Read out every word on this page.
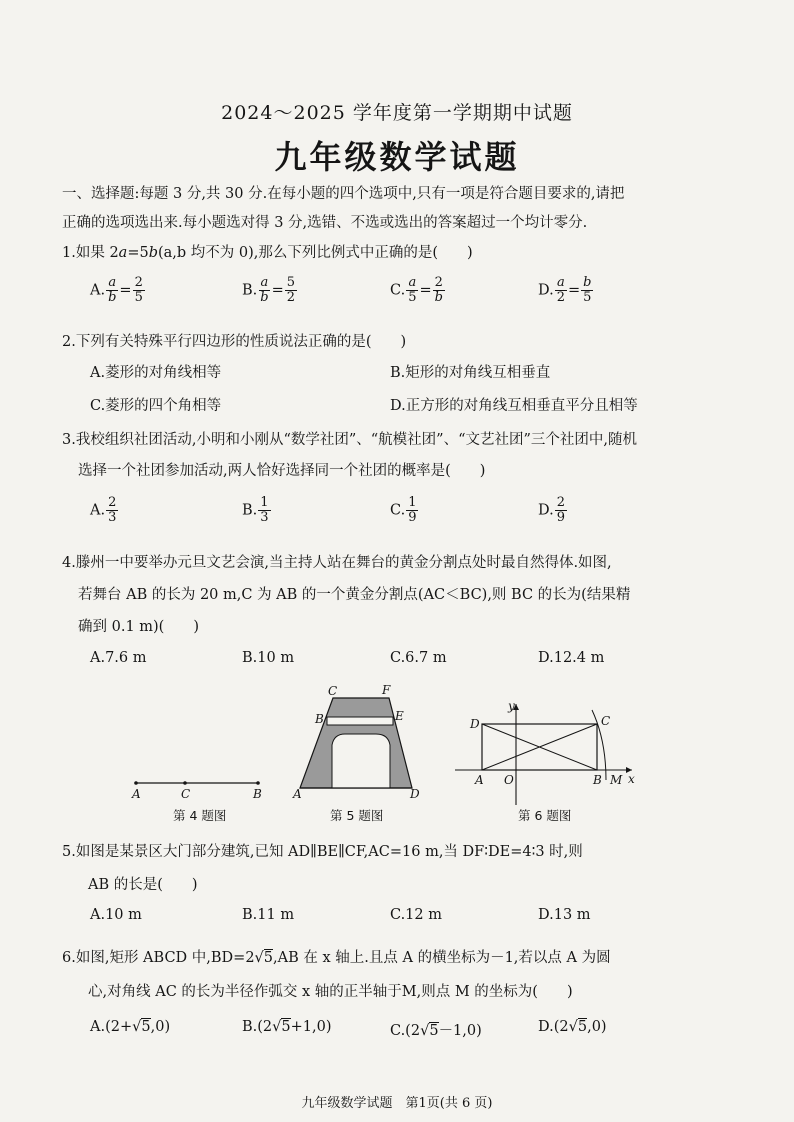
2024～2025 学年度第一学期期中试题
九年级数学试题
一、选择题:每题 3 分,共 30 分.在每小题的四个选项中,只有一项是符合题目要求的,请把
正确的选项选出来.每小题选对得 3 分,选错、不选或选出的答案超过一个均计零分.
1.如果 2a=5b(a,b 均不为 0),那么下列比例式中正确的是(　　)
A. $\frac{a}{b} = \frac{2}{5}$	B. $\frac{a}{b} = \frac{5}{2}$	C. $\frac{a}{5} = \frac{2}{b}$	D. $\frac{a}{2} = \frac{b}{5}$
2.下列有关特殊平行四边形的性质说法正确的是(　　)
A.菱形的对角线相等	B.矩形的对角线互相垂直
C.菱形的四个角相等	D.正方形的对角线互相垂直平分且相等
3.我校组织社团活动,小明和小刚从“数学社团”、“航模社团”、“文艺社团”三个社团中,随机
选择一个社团参加活动,两人恰好选择同一个社团的概率是(　　)
A. $\frac{2}{3}$	B. $\frac{1}{3}$	C. $\frac{1}{9}$	D. $\frac{2}{9}$
4.滕州一中要举办元旦文艺会演,当主持人站在舞台的黄金分割点处时最自然得体.如图,
若舞台 AB 的长为 20 m,C 为 AB 的一个黄金分割点(AC＜BC),则 BC 的长为(结果精
确到 0.1 m)(　　)
A.7.6 m	B.10 m	C.6.7 m	D.12.4 m
A	C	B
C	F
B	E
A	D
y
D	C
A O	B M x
第 4 题图	第 5 题图	第 6 题图
5.如图是某景区大门部分建筑,已知 AD∥BE∥CF,AC=16 m,当 DF∶DE=4∶3 时,则
AB 的长是(　　)
A.10 m	B.11 m	C.12 m	D.13 m
6.如图,矩形 ABCD 中,BD=2√5,AB 在 x 轴上.且点 A 的横坐标为－1,若以点 A 为圆
心,对角线 AC 的长为半径作弧交 x 轴的正半轴于M,则点 M 的坐标为(　　)
A.(2+√5,0)	B.(2√5+1,0)	C.(2√5－1,0)	D.(2√5,0)
九年级数学试题　第1页(共 6 页)
